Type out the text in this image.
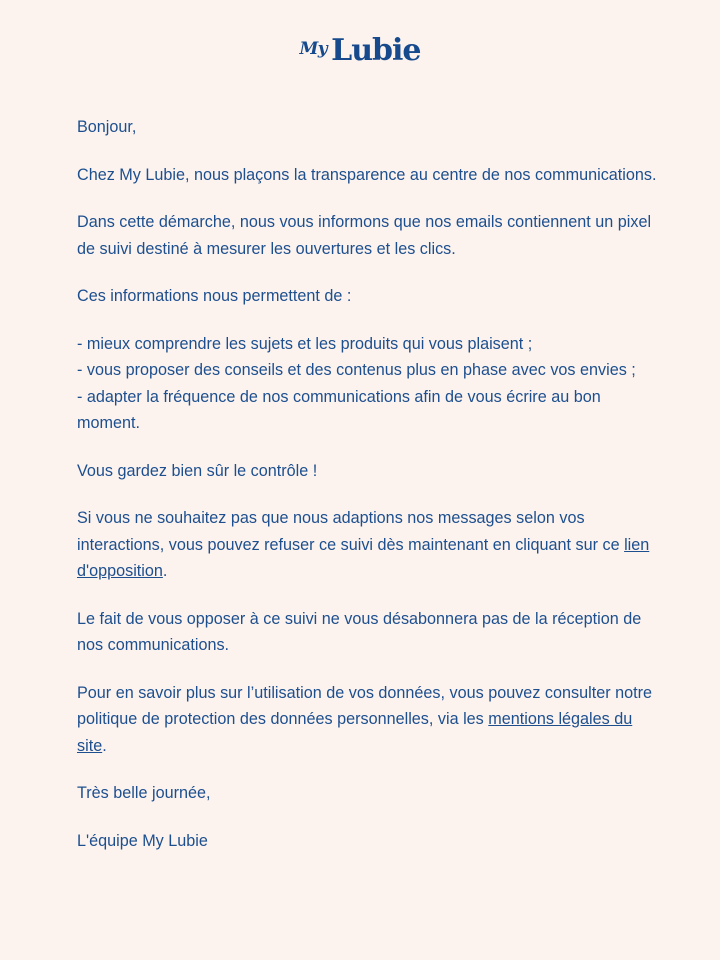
My Lubie

Bonjour,

Chez My Lubie, nous plaçons la transparence au centre de nos communications.

Dans cette démarche, nous vous informons que nos emails contiennent un pixel de suivi destiné à mesurer les ouvertures et les clics.

Ces informations nous permettent de :

- mieux comprendre les sujets et les produits qui vous plaisent ;
- vous proposer des conseils et des contenus plus en phase avec vos envies ;
- adapter la fréquence de nos communications afin de vous écrire au bon moment.

Vous gardez bien sûr le contrôle !

Si vous ne souhaitez pas que nous adaptions nos messages selon vos interactions, vous pouvez refuser ce suivi dès maintenant en cliquant sur ce lien d'opposition.

Le fait de vous opposer à ce suivi ne vous désabonnera pas de la réception de nos communications.

Pour en savoir plus sur l’utilisation de vos données, vous pouvez consulter notre politique de protection des données personnelles, via les mentions légales du site.

Très belle journée,

L'équipe My Lubie
